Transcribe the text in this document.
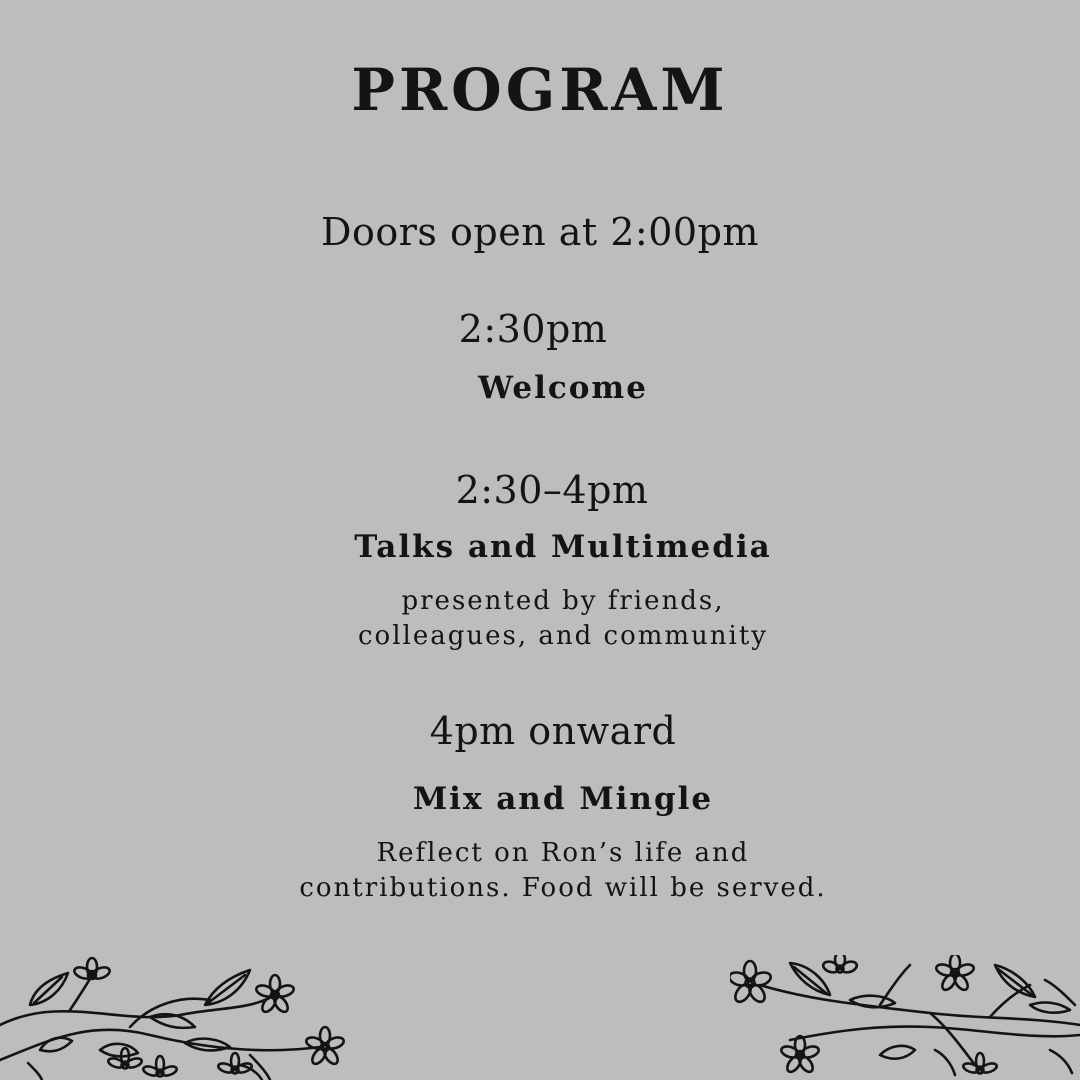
PROGRAM
Doors open at 2:00pm
2:30pm
Welcome
2:30–4pm
Talks and Multimedia
presented by friends,
colleagues, and community
4pm onward
Mix and Mingle
Reflect on Ron’s life and
contributions. Food will be served.
